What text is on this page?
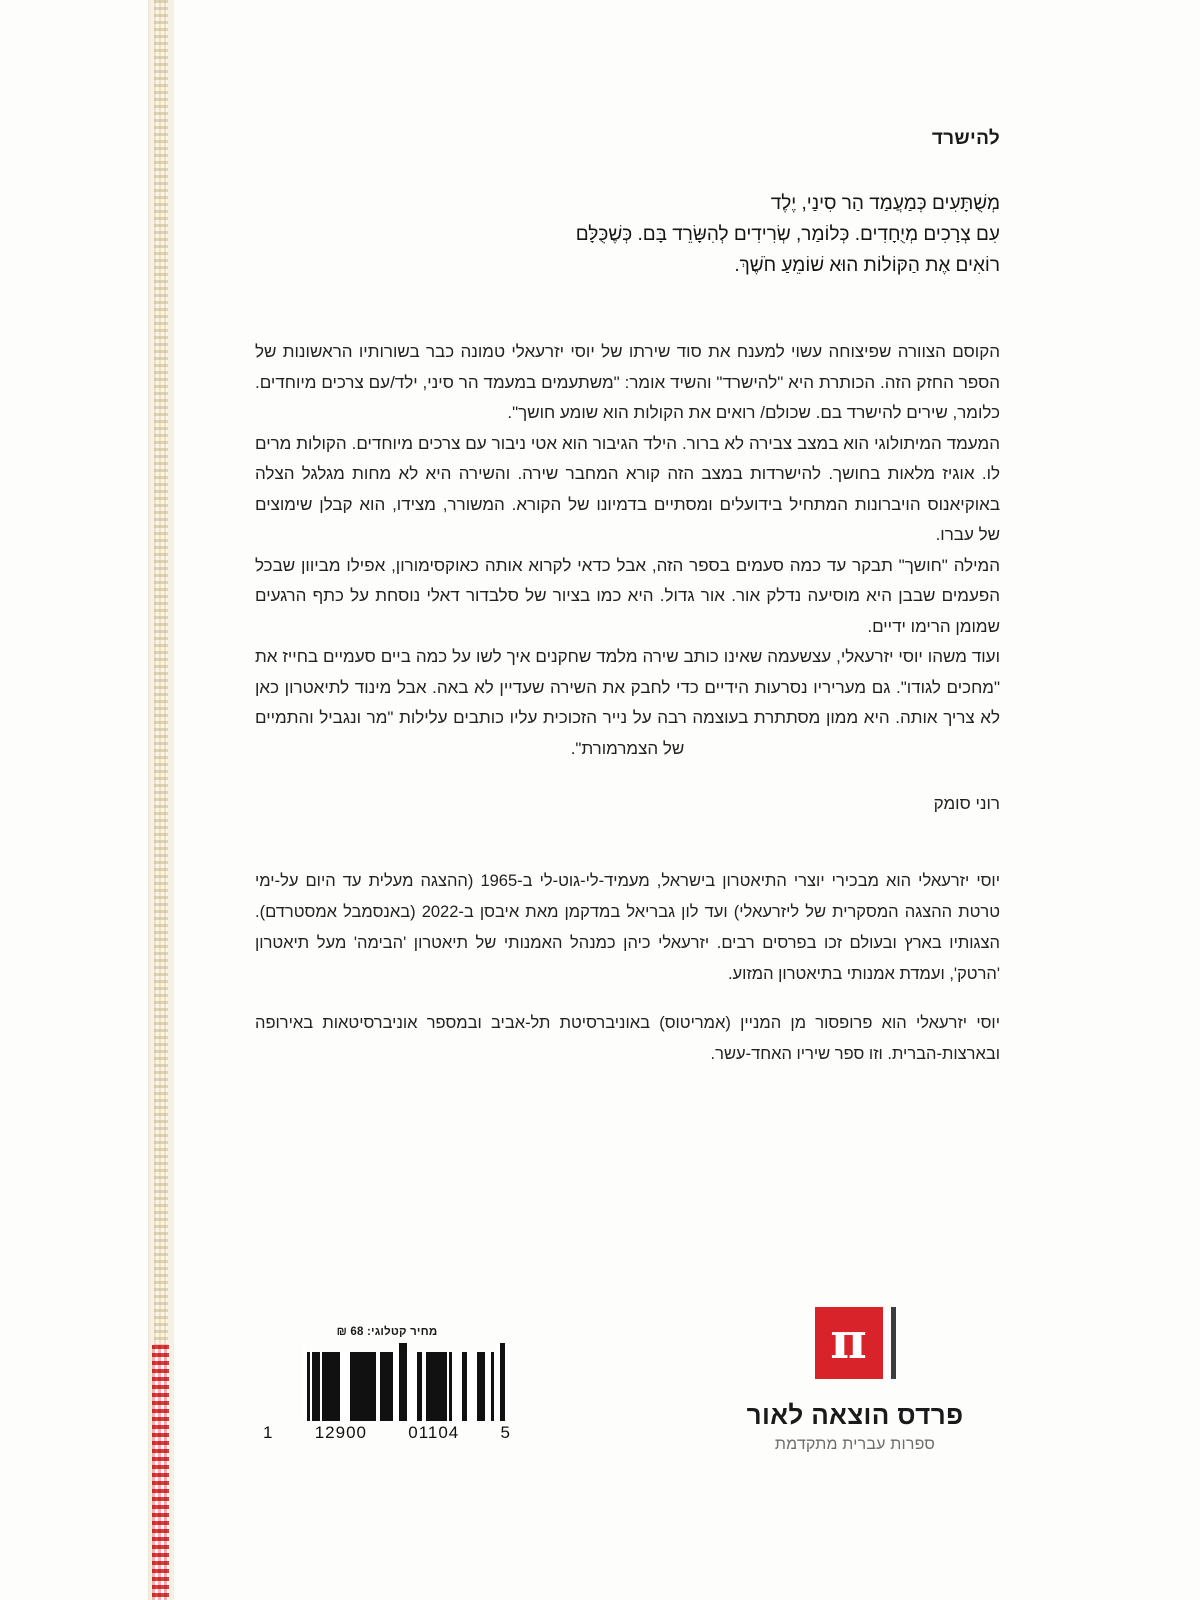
להישרד
מְשֻׁתָּעִים כְּמַעֲמַד הַר סִינַי, יֶלֶד
עִם צְרָכִים מְיֻחָדִים. כְּלוֹמַר, שְׂרִידִים לְהִשָּׂרֵד בָּם. כְּשֶׁכֻּלָּם
רוֹאִים אֶת הַקּוֹלוֹת הוּא שׁוֹמֵעַ חֹשֶׁךְ.

הקוסם הצוורה שפיצוחה עשוי למענח את סוד שירתו של יוסי יזרעאלי טמונה כבר בשורותיו הראשונות של הספר החזק הזה. הכותרת היא "להישרד" והשיד אומר: "משתעמים במעמד הר סיני, ילד/עם צרכים מיוחדים. כלומר, שירים להישרד בם. שכולם/ רואים את הקולות הוא שומע חושך".

המעמד המיתולוגי הוא במצב צבירה לא ברור. הילד הגיבור הוא אטי ניבור עם צרכים מיוחדים. הקולות מרים לו. אוגיז מלאות בחושך. להישרדות במצב הזה קורא המחבר שירה. והשירה היא לא מחות מגלגל הצלה באוקיאנוס הויברונות המתחיל בידועלים ומסתיים בדמיונו של הקורא. המשורר, מצידו, הוא קבלן שימוצים של עברו.

המילה "חושך" תבקר עד כמה סעמים בספר הזה, אבל כדאי לקרוא אותה כאוקסימורון, אפילו מביוון שבכל הפעמים שבבן היא מוסיעה נדלק אור. אור גדול. היא כמו בציור של סלבדור דאלי נוסחת על כתף הרגעים שמומן הרימו ידיים.

ועוד משהו יוסי יזרעאלי, עצשעמה שאינו כותב שירה מלמד שחקנים איך לשו על כמה ביים סעמיים בחייז את "מחכים לגודו". גם מעריריו נסרעות הידיים כדי לחבק את השירה שעדיין לא באה. אבל מינוד לתיאטרון כאן לא צריך אותה. היא ממון מסתתרת בעוצמה רבה על נייר הזכוכית עליו כותבים עלילות "מר ונגביל והתמיים של הצמרמורת".

רוני סומק

יוסי יזרעאלי הוא מבכירי יוצרי התיאטרון בישראל, מעמיד-לי-גוט-לי ב-1965 (ההצגה מעלית עד היום על-ימי טרטת ההצגה המסקרית של ליזרעאלי) ועד לון גבריאל במדקמן מאת איבסן ב-2022 (באנסמבל אמסטרדם). הצגותיו בארץ ובעולם זכו בפרסים רבים. יזרעאלי כיהן כמנהל האמנותי של תיאטרון 'הבימה' מעל תיאטרון 'הרטק', ועמדת אמנותי בתיאטרון המזוע.

יוסי יזרעאלי הוא פרופסור מן המניין (אמריטוס) באוניברסיטת תל-אביב ובמספר אוניברסיטאות באירופה ובארצות-הברית. וזו ספר שיריו האחד-עשר.

מחיר קטלוגי: 68 ₪
1 12900 01104 5
π
פרדס הוצאה לאור
ספרות עברית מתקדמת
